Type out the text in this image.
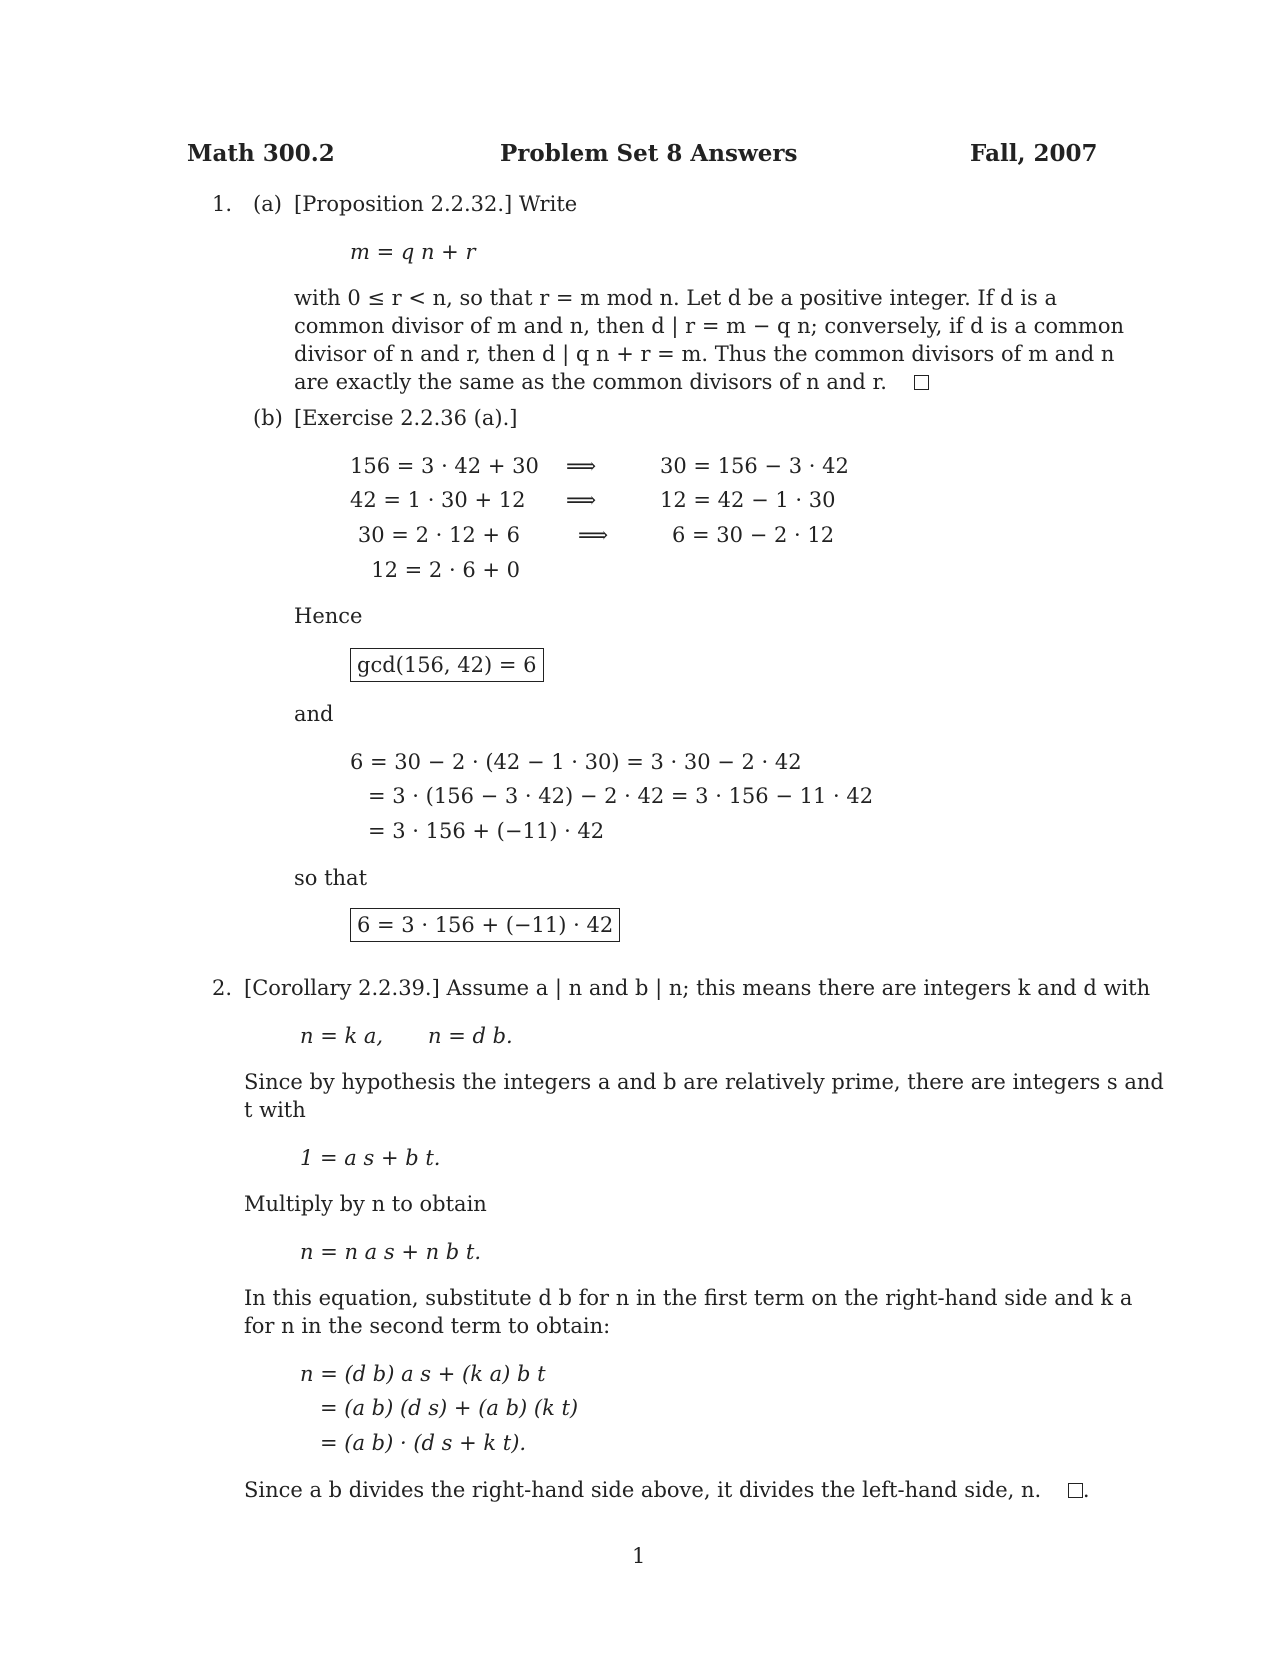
Math 300.2	Problem Set 8 Answers	Fall, 2007
1. (a) [Proposition 2.2.32.] Write
m = q n + r
with 0 ≤ r < n, so that r = m mod n. Let d be a positive integer. If d is a
common divisor of m and n, then d | r = m − q n; conversely, if d is a common
divisor of n and r, then d | q n + r = m. Thus the common divisors of m and n
are exactly the same as the common divisors of n and r.
(b) [Exercise 2.2.36 (a).]
156 = 3 · 42 + 30
42 = 1 · 30 + 12
30 = 2 · 12 + 6
12 = 2 · 6 + 0
⟹
⟹
⟹
30 = 156 − 3 · 42
12 = 42 − 1 · 30
6 = 30 − 2 · 12
Hence
gcd(156, 42) = 6
and
6 = 30 − 2 · (42 − 1 · 30) = 3 · 30 − 2 · 42
= 3 · (156 − 3 · 42) − 2 · 42 = 3 · 156 − 11 · 42
= 3 · 156 + (−11) · 42
so that
6 = 3 · 156 + (−11) · 42
2. [Corollary 2.2.39.] Assume a | n and b | n; this means there are integers k and d with
n = k a, n = d b.
Since by hypothesis the integers a and b are relatively prime, there are integers s and
t with
1 = a s + b t.
Multiply by n to obtain
n = n a s + n b t.
In this equation, substitute d b for n in the first term on the right-hand side and k a
for n in the second term to obtain:
n = (d b) a s + (k a) b t
= (a b) (d s) + (a b) (k t)
= (a b) · (d s + k t).
Since a b divides the right-hand side above, it divides the left-hand side, n. .
1
